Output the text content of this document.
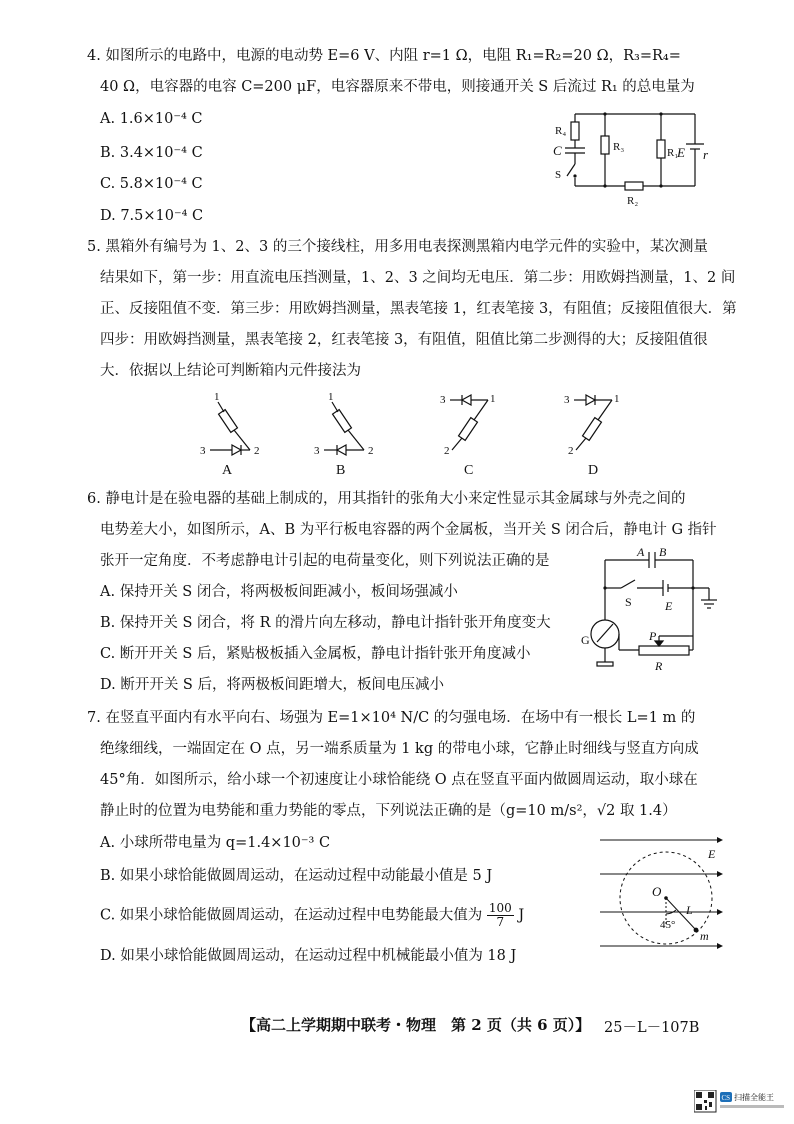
4. 如图所示的电路中，电源的电动势 E=6 V、内阻 r=1 Ω，电阻 R₁=R₂=20 Ω，R₃=R₄=
40 Ω，电容器的电容 C=200 μF，电容器原来不带电，则接通开关 S 后流过 R₁ 的总电量为
A. 1.6×10⁻⁴ C
B. 3.4×10⁻⁴ C
C. 5.8×10⁻⁴ C
D. 7.5×10⁻⁴ C
R₄
C
S
R₃	R₁
E r
R₂
5. 黑箱外有编号为 1、2、3 的三个接线柱，用多用电表探测黑箱内电学元件的实验中，某次测量
结果如下，第一步：用直流电压挡测量，1、2、3 之间均无电压．第二步：用欧姆挡测量，1、2 间
正、反接阻值不变．第三步：用欧姆挡测量，黑表笔接 1，红表笔接 3，有阻值；反接阻值很大．第
四步：用欧姆挡测量，黑表笔接 2，红表笔接 3，有阻值，阻值比第二步测得的大；反接阻值很
大．依据以上结论可判断箱内元件接法为
1
3	2
A
1
3	2
B
3	1
2
C
3	1
2
D
6. 静电计是在验电器的基础上制成的，用其指针的张角大小来定性显示其金属球与外壳之间的
电势差大小，如图所示，A、B 为平行板电容器的两个金属板，当开关 S 闭合后，静电计 G 指针
张开一定角度．不考虑静电计引起的电荷量变化，则下列说法正确的是
A. 保持开关 S 闭合，将两极板间距减小，板间场强减小
B. 保持开关 S 闭合，将 R 的滑片向左移动，静电计指针张开角度变大
C. 断开开关 S 后，紧贴极板插入金属板，静电计指针张开角度减小
D. 断开开关 S 后，将两极板间距增大，板间电压减小
A B
S	E
G	P
R
7. 在竖直平面内有水平向右、场强为 E=1×10⁴ N/C 的匀强电场．在场中有一根长 L=1 m 的
绝缘细线，一端固定在 O 点，另一端系质量为 1 kg 的带电小球，它静止时细线与竖直方向成
45°角．如图所示，给小球一个初速度让小球恰能绕 O 点在竖直平面内做圆周运动，取小球在
静止时的位置为电势能和重力势能的零点，下列说法正确的是（g=10 m/s²，√2 取 1.4）
A. 小球所带电量为 q=1.4×10⁻³ C
B. 如果小球恰能做圆周运动，在运动过程中动能最小值是 5 J
C. 如果小球恰能做圆周运动，在运动过程中电势能最大值为 $\frac{100}{7}$ J
D. 如果小球恰能做圆周运动，在运动过程中机械能最小值为 18 J
E
O
45°
L
m
【高二上学期期中联考・物理　第 2 页（共 6 页）】 25－L－107B
CS 扫描全能王
